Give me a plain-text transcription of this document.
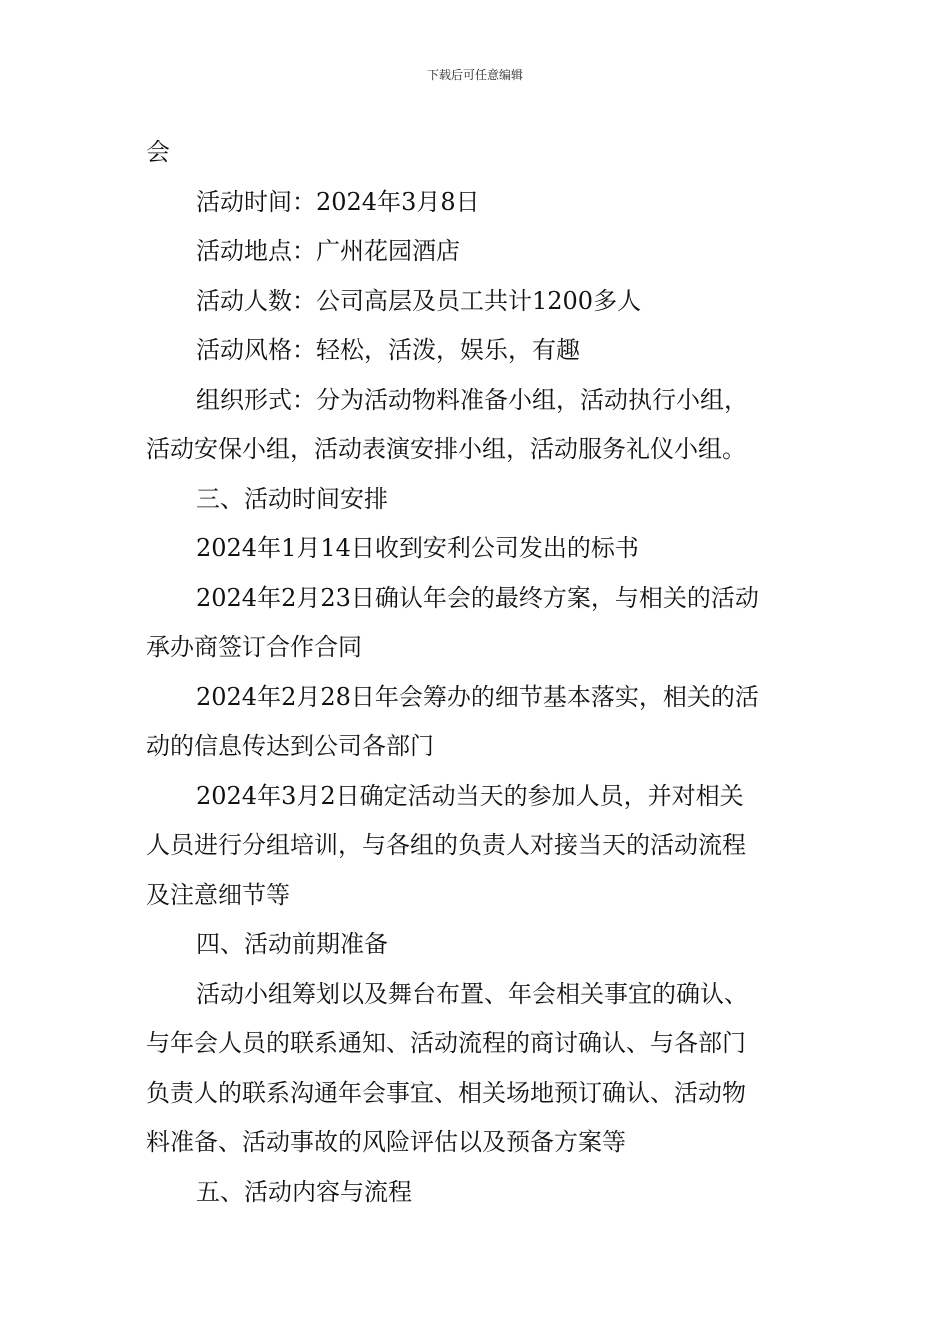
下载后可任意编辑
会
活动时间：2024年3月8日
活动地点：广州花园酒店
活动人数：公司高层及员工共计1200多人
活动风格：轻松，活泼，娱乐，有趣
组织形式：分为活动物料准备小组，活动执行小组，
活动安保小组，活动表演安排小组，活动服务礼仪小组。
三、活动时间安排
2024年1月14日收到安利公司发出的标书
2024年2月23日确认年会的最终方案，与相关的活动
承办商签订合作合同
2024年2月28日年会筹办的细节基本落实，相关的活
动的信息传达到公司各部门
2024年3月2日确定活动当天的参加人员，并对相关
人员进行分组培训，与各组的负责人对接当天的活动流程
及注意细节等
四、活动前期准备
活动小组筹划以及舞台布置、年会相关事宜的确认、
与年会人员的联系通知、活动流程的商讨确认、与各部门
负责人的联系沟通年会事宜、相关场地预订确认、活动物
料准备、活动事故的风险评估以及预备方案等
五、活动内容与流程
